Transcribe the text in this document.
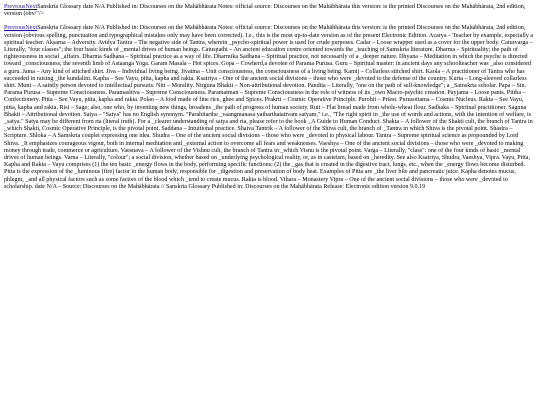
PreviousNextSanskrta Glossary date N/A Published in: Discourses on the Mahābhārata Notes: official source: Discourses on the Mahābhārata this version: is the printed Discourses on the Mahābhārata, 2nd edition, version (obv/"/>

PreviousNextSanskrta Glossary date N/A Published in: Discourses on the Mahābhārata Notes: official source: Discourses on the Mahābhārata this version: is the printed Discourses on the Mahābhārata, 2nd edition, version (obvious spelling, punctuation and typographical mistakes only may have been corrected). I.e., this is the most up-to-date version as of the present Electronic Edition. Acarya – Teacher by example, especially a spiritual teacher. Akṣarna – Adversity. Avidya Tantra – The negative side of Tantra, wherein _psycho-spiritual power is used for crude purposes. Cadar – Loose wrapper used as a cover for the upper body. Caturvarga – Literally, "four classes"; the four basic kinds of _mental drives of human beings. Catuspathi – An ancient education centre oriented towards the _teaching of Samskrta literature. Dharma – Spirituality; the path of righteousness in social _affairs. Dharma Sadhana – Spiritual practice as a way of life. Dharmika Sadhana – Spiritual practice, not necessarily of a _deeper nature. Dhyana – Meditation in which the psyche is directed toward _consciousness; the seventh limb of Astaanga Yoga. Garam Masala – Hot spices. Gopa – Cowherd,a devotee of Parama Purusa. Guru – Spiritual master: in ancient days any schoolteacher was _also considered a guru. Jama – Any kind of stitched shirt. Jiva – Individual living being. Jivatma – Unit consciousness, the consciousness of a living being. Kamij – Collarless stitched shirt. Kaola – A practitioner of Tantra who has succeeded in raising _the kundalini. Kapha – See Vayu, pitta, kapha and rakta. Ksatriya – One of the ancient social divisions – those who were _devoted to the defense of the country. Kurta – Long-sleeved collarless shirt. Muni – A saintly person devoted to intellectual pursuits. Niti – Morality. Nirguna Bhakti – Non-attributional devotion. Pandita – Literally, "one on the path of self-knowledge"; a _Samskrta scholar. Papa – Sin. Parama Purusa – Supreme Consciousness. Paramashiva – Supreme Consciousness. Paramatman – Supreme Consciousness in the role of witness of its _own Macro-psychic creation. Payjama – Loose pants. Pittha – Confectionery. Pitta – See Vayu, pitta, kapha and rakta. Polao – A food made of fine rice, ghee and Spices. Prakrti – Cosmic Operative Principle. Purohit – Priest. Purusottama – Cosmic Nucleus. Rakta – See Vayu, pitta, kapha and rakta. Risi – Sage; also, one who, by inventing new things, broadens _the path of progress of human society. Ruti – Flat bread made from whole-wheat flour. Sadhaka – Spiritual practitioner. Saguna Bhakti – Attributional devotion. Satya – "Satya" has no English synonym. "Parahitarthe _vaangmanasa yatharthatattvam satyam," i.e., "The right spirit in _the use of words and actions, with the intention of welfare, is _satya." Satya may be different from rta (literal truth). For a _clearer understanding of satya and rta, please refer to the book _A Guide to Human Conduct. Shakta – A follower of the Shakti cult, the branch of Tantra in _which Shakti, Cosmic Operative Principle, is the pivotal point. Saddana – Intuitional practice. Shaiva Tantrik – A follower of the Shiva cult, the branch of _Tantra in which Shiva is the pivotal point. Shastra – Scripture. Shloka – A Samskrta couplet expressing one idea. Shudra – One of the ancient social divisions – those who were _devoted to physical labour. Tantra – Supreme spiritual science as propounded by Lord Shiva. _It emphasizes courageous vigour, both in internal meditation and _external action to overcome all fears and weaknesses. Vaeshya – One of the ancient social divisions – those who were _devoted to making money through trade, commerce or agriculture. Vaesnava – A follower of the Vishnu cult, the branch of Tantra in _which Visnu is the pivotal point. Varga – Literally, "class": one of the four kinds of basic _mental drives of human beings. Varna – Literally, "colour"; a social division, whether based on _underlying psychological reality, or, as in casteism, based on _heredity. See also Ksatriya, Shudra, Vaeshya, Vipra. Vayu, Pitta, Kapha and Rakta – Vayu comprises (1) the ten basic _energy flows in the body, performing specific functions; (2) the _gas that is created in the digestive tract, lungs, etc., when the _energy flows become disturbed. Pitta is the expression of the _luminous (fire) factor in the human body, responsible for _digestion and preservation of body heat. Examples of Pitta are _the liver bile and pancreatic juice. Kapha denotes mucus, phlegm, _and all physical factors such as some factors of the blood which _tend to create mucus. Rakta is blood. Vihara – Monastery Vipra – One of the ancient social divisions – those who were _devoted to scholarship. date N/A – Source: Discourses on the Mahābhārata // Sanskrta Glossary Published in: Discourses on the Mahābhārata Release: Electronic edition version 9.0.19
